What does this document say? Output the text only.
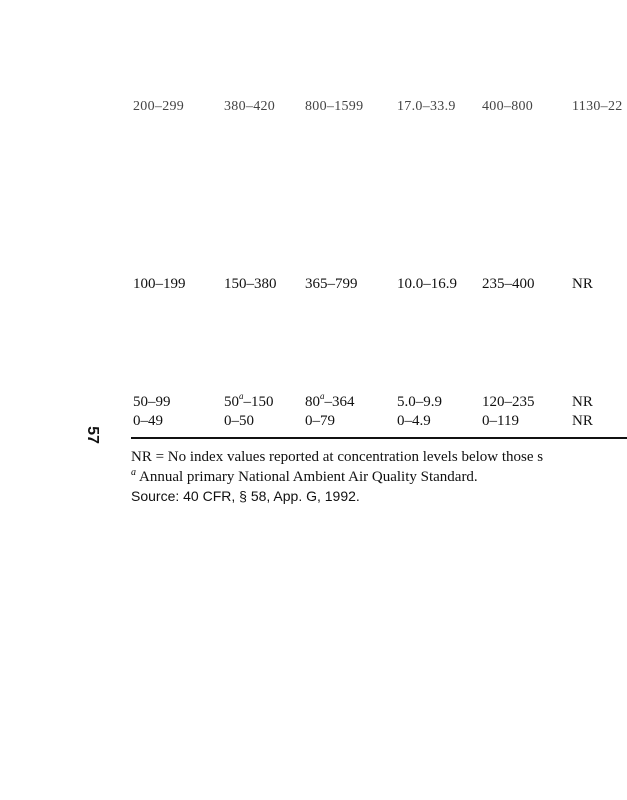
200–299	380–420 800–1599 17.0–33.9 400–800	1130–22
100–199	150–380 365–799	10.0–16.9 235–400	NR
50–99	50$^a$–150 80$^a$–364	5.0–9.9	120–235	NR
0–49	0–50	0–79	0–4.9	0–119	NR
NR = No index values reported at concentration levels below those s
$^a$ Annual primary National Ambient Air Quality Standard.
Source: 40 CFR, § 58, App. G, 1992.
57
